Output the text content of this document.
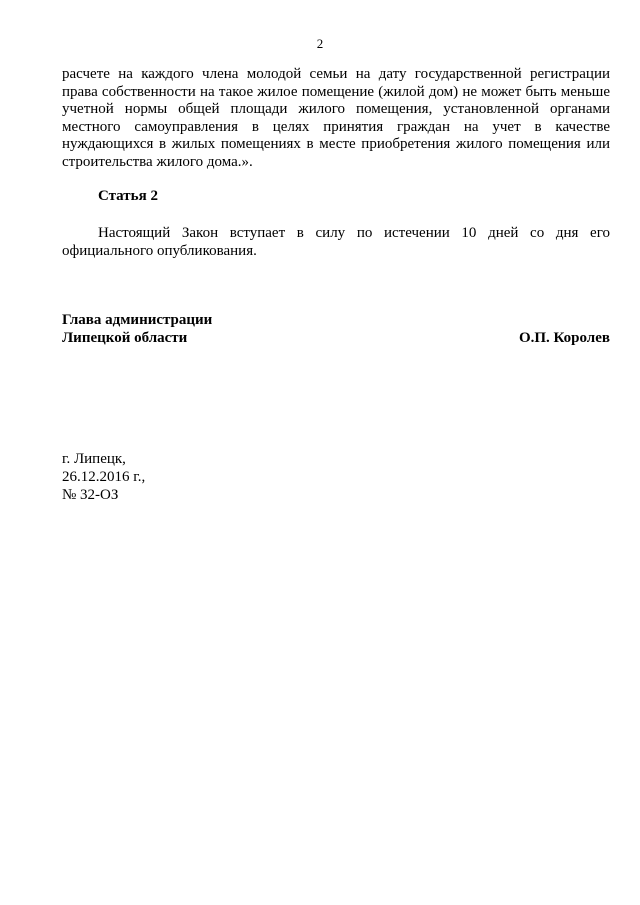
2
расчете на каждого члена молодой семьи на дату государственной регистрации
права собственности на такое жилое помещение (жилой дом) не может быть меньше
учетной нормы общей площади жилого помещения, установленной органами
местного самоуправления в целях принятия граждан на учет в качестве
нуждающихся в жилых помещениях в месте приобретения жилого помещения или
строительства жилого дома.».
Статья 2
Настоящий Закон вступает в силу по истечении 10 дней со дня его
официального опубликования.
Глава администрации
Липецкой области	О.П. Королев
г. Липецк,
26.12.2016 г.,
№ 32-ОЗ
